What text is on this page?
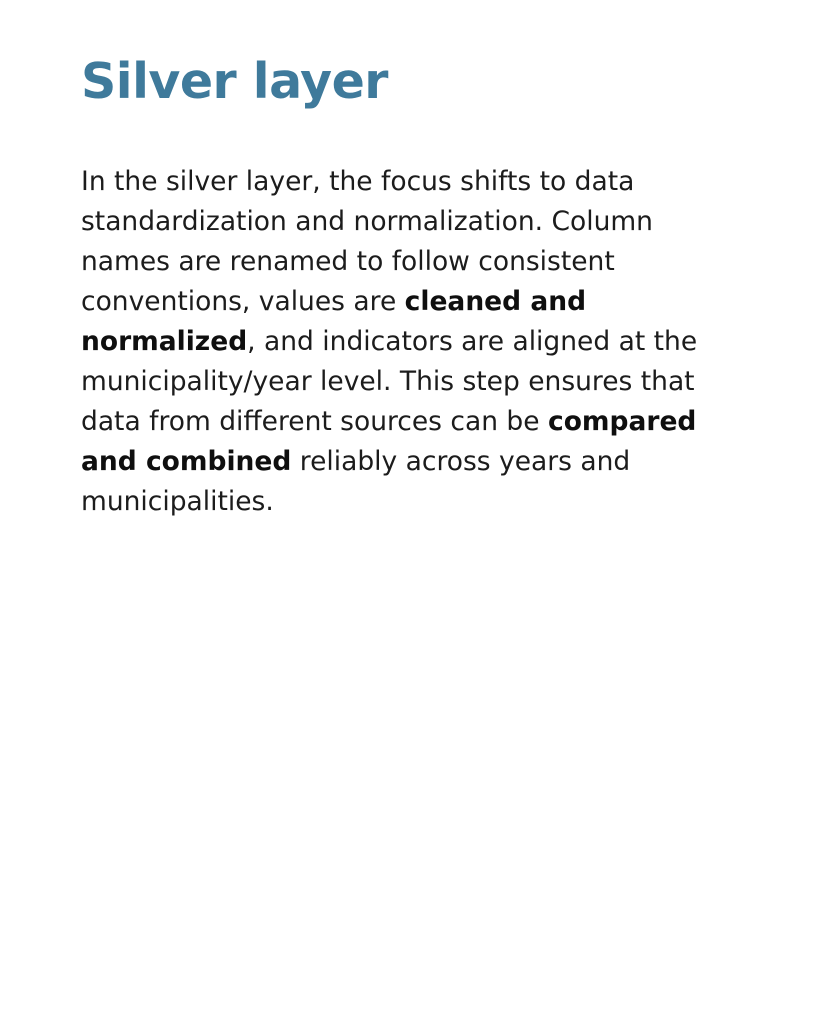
Silver layer

In the silver layer, the focus shifts to data standardization and normalization. Column names are renamed to follow consistent conventions, values are cleaned and normalized, and indicators are aligned at the municipality/year level. This step ensures that data from different sources can be compared and combined reliably across years and municipalities.
